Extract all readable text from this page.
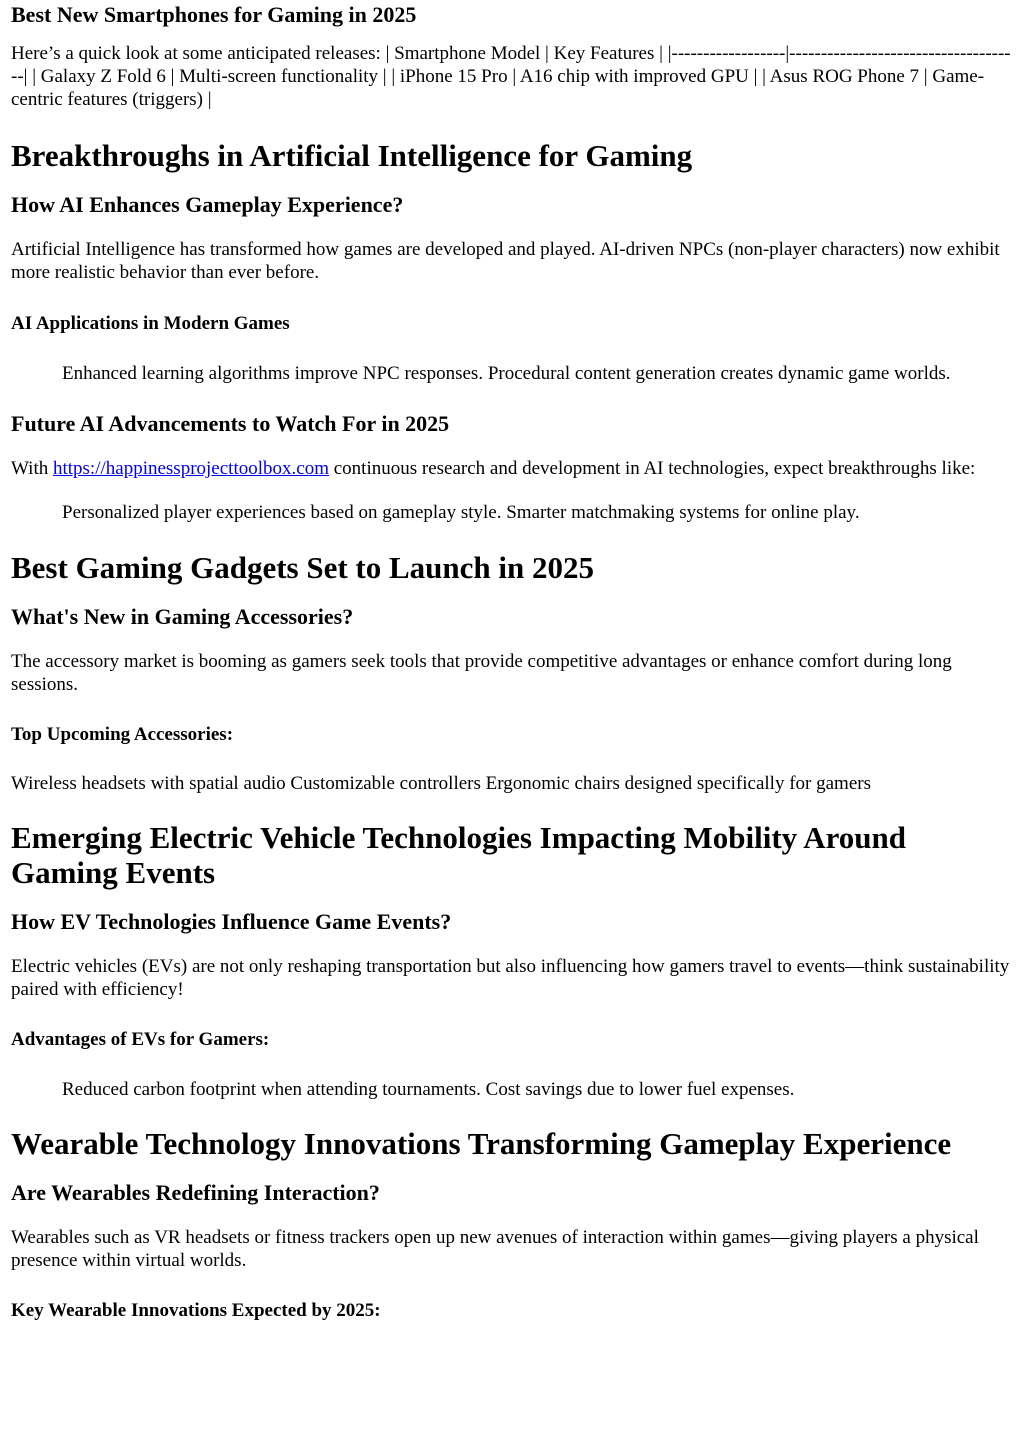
Best New Smartphones for Gaming in 2025

Here’s a quick look at some anticipated releases: | Smartphone Model | Key Features | |------------------|-------------------------------------| | Galaxy Z Fold 6 | Multi-screen functionality | | iPhone 15 Pro | A16 chip with improved GPU | | Asus ROG Phone 7 | Game-centric features (triggers) |

Breakthroughs in Artificial Intelligence for Gaming
How AI Enhances Gameplay Experience?

Artificial Intelligence has transformed how games are developed and played. AI-driven NPCs (non-player characters) now exhibit more realistic behavior than ever before.

AI Applications in Modern Games
Enhanced learning algorithms improve NPC responses. Procedural content generation creates dynamic game worlds.
Future AI Advancements to Watch For in 2025

With https://happinessprojecttoolbox.com continuous research and development in AI technologies, expect breakthroughs like:

Personalized player experiences based on gameplay style. Smarter matchmaking systems for online play.
Best Gaming Gadgets Set to Launch in 2025
What's New in Gaming Accessories?

The accessory market is booming as gamers seek tools that provide competitive advantages or enhance comfort during long sessions.

Top Upcoming Accessories:

Wireless headsets with spatial audio Customizable controllers Ergonomic chairs designed specifically for gamers

Emerging Electric Vehicle Technologies Impacting Mobility Around Gaming Events
How EV Technologies Influence Game Events?

Electric vehicles (EVs) are not only reshaping transportation but also influencing how gamers travel to events—think sustainability paired with efficiency!

Advantages of EVs for Gamers:
Reduced carbon footprint when attending tournaments. Cost savings due to lower fuel expenses.
Wearable Technology Innovations Transforming Gameplay Experience
Are Wearables Redefining Interaction?

Wearables such as VR headsets or fitness trackers open up new avenues of interaction within games—giving players a physical presence within virtual worlds.

Key Wearable Innovations Expected by 2025:
